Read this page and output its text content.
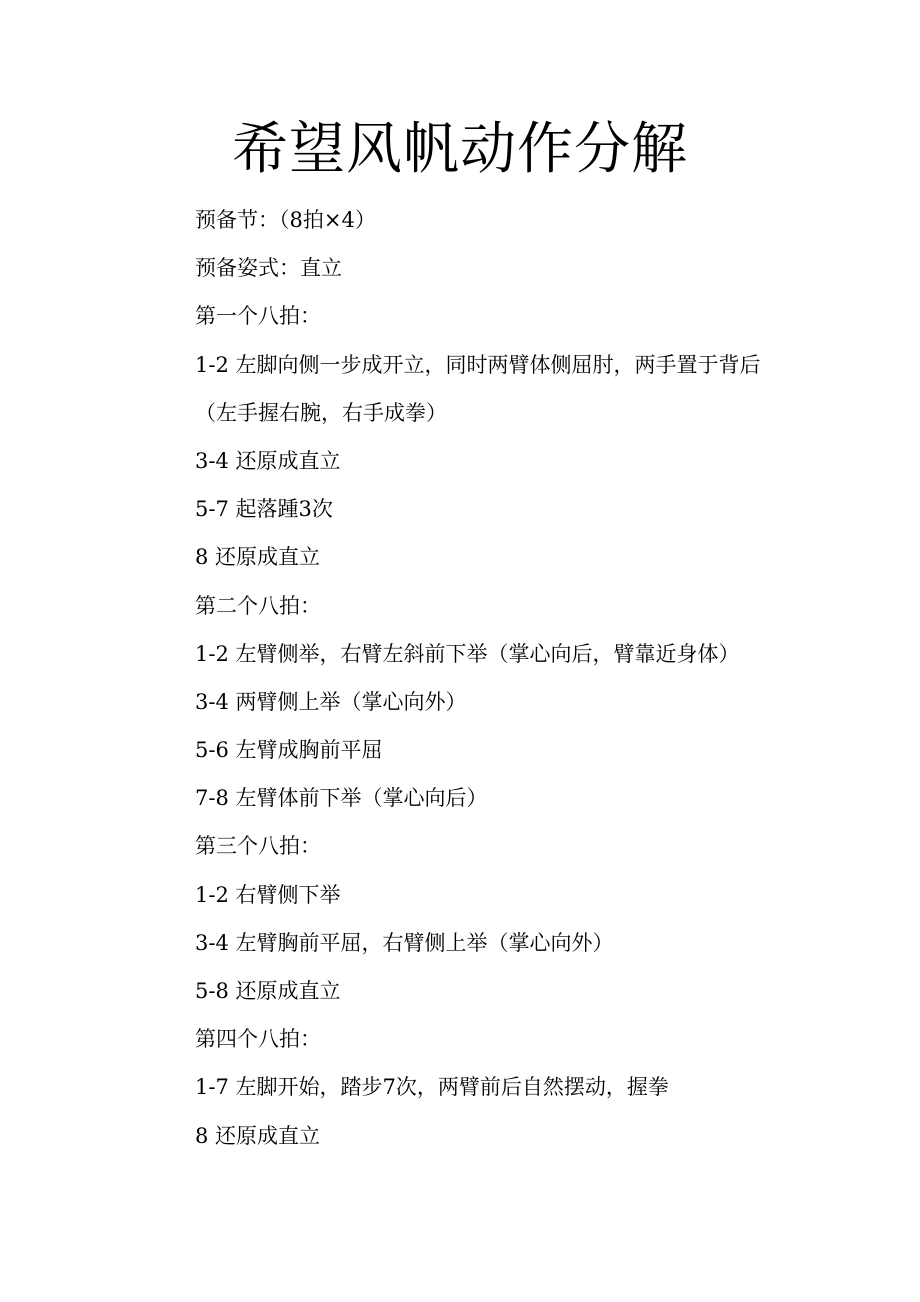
希望风帆动作分解
预备节：（8拍×4）
预备姿式：直立
第一个八拍：
1-2 左脚向侧一步成开立，同时两臂体侧屈肘，两手置于背后
（左手握右腕，右手成拳）
3-4 还原成直立
5-7 起落踵3次
8 还原成直立
第二个八拍：
1-2 左臂侧举，右臂左斜前下举（掌心向后，臂靠近身体）
3-4 两臂侧上举（掌心向外）
5-6 左臂成胸前平屈
7-8 左臂体前下举（掌心向后）
第三个八拍：
1-2 右臂侧下举
3-4 左臂胸前平屈，右臂侧上举（掌心向外）
5-8 还原成直立
第四个八拍：
1-7 左脚开始，踏步7次，两臂前后自然摆动，握拳
8 还原成直立
